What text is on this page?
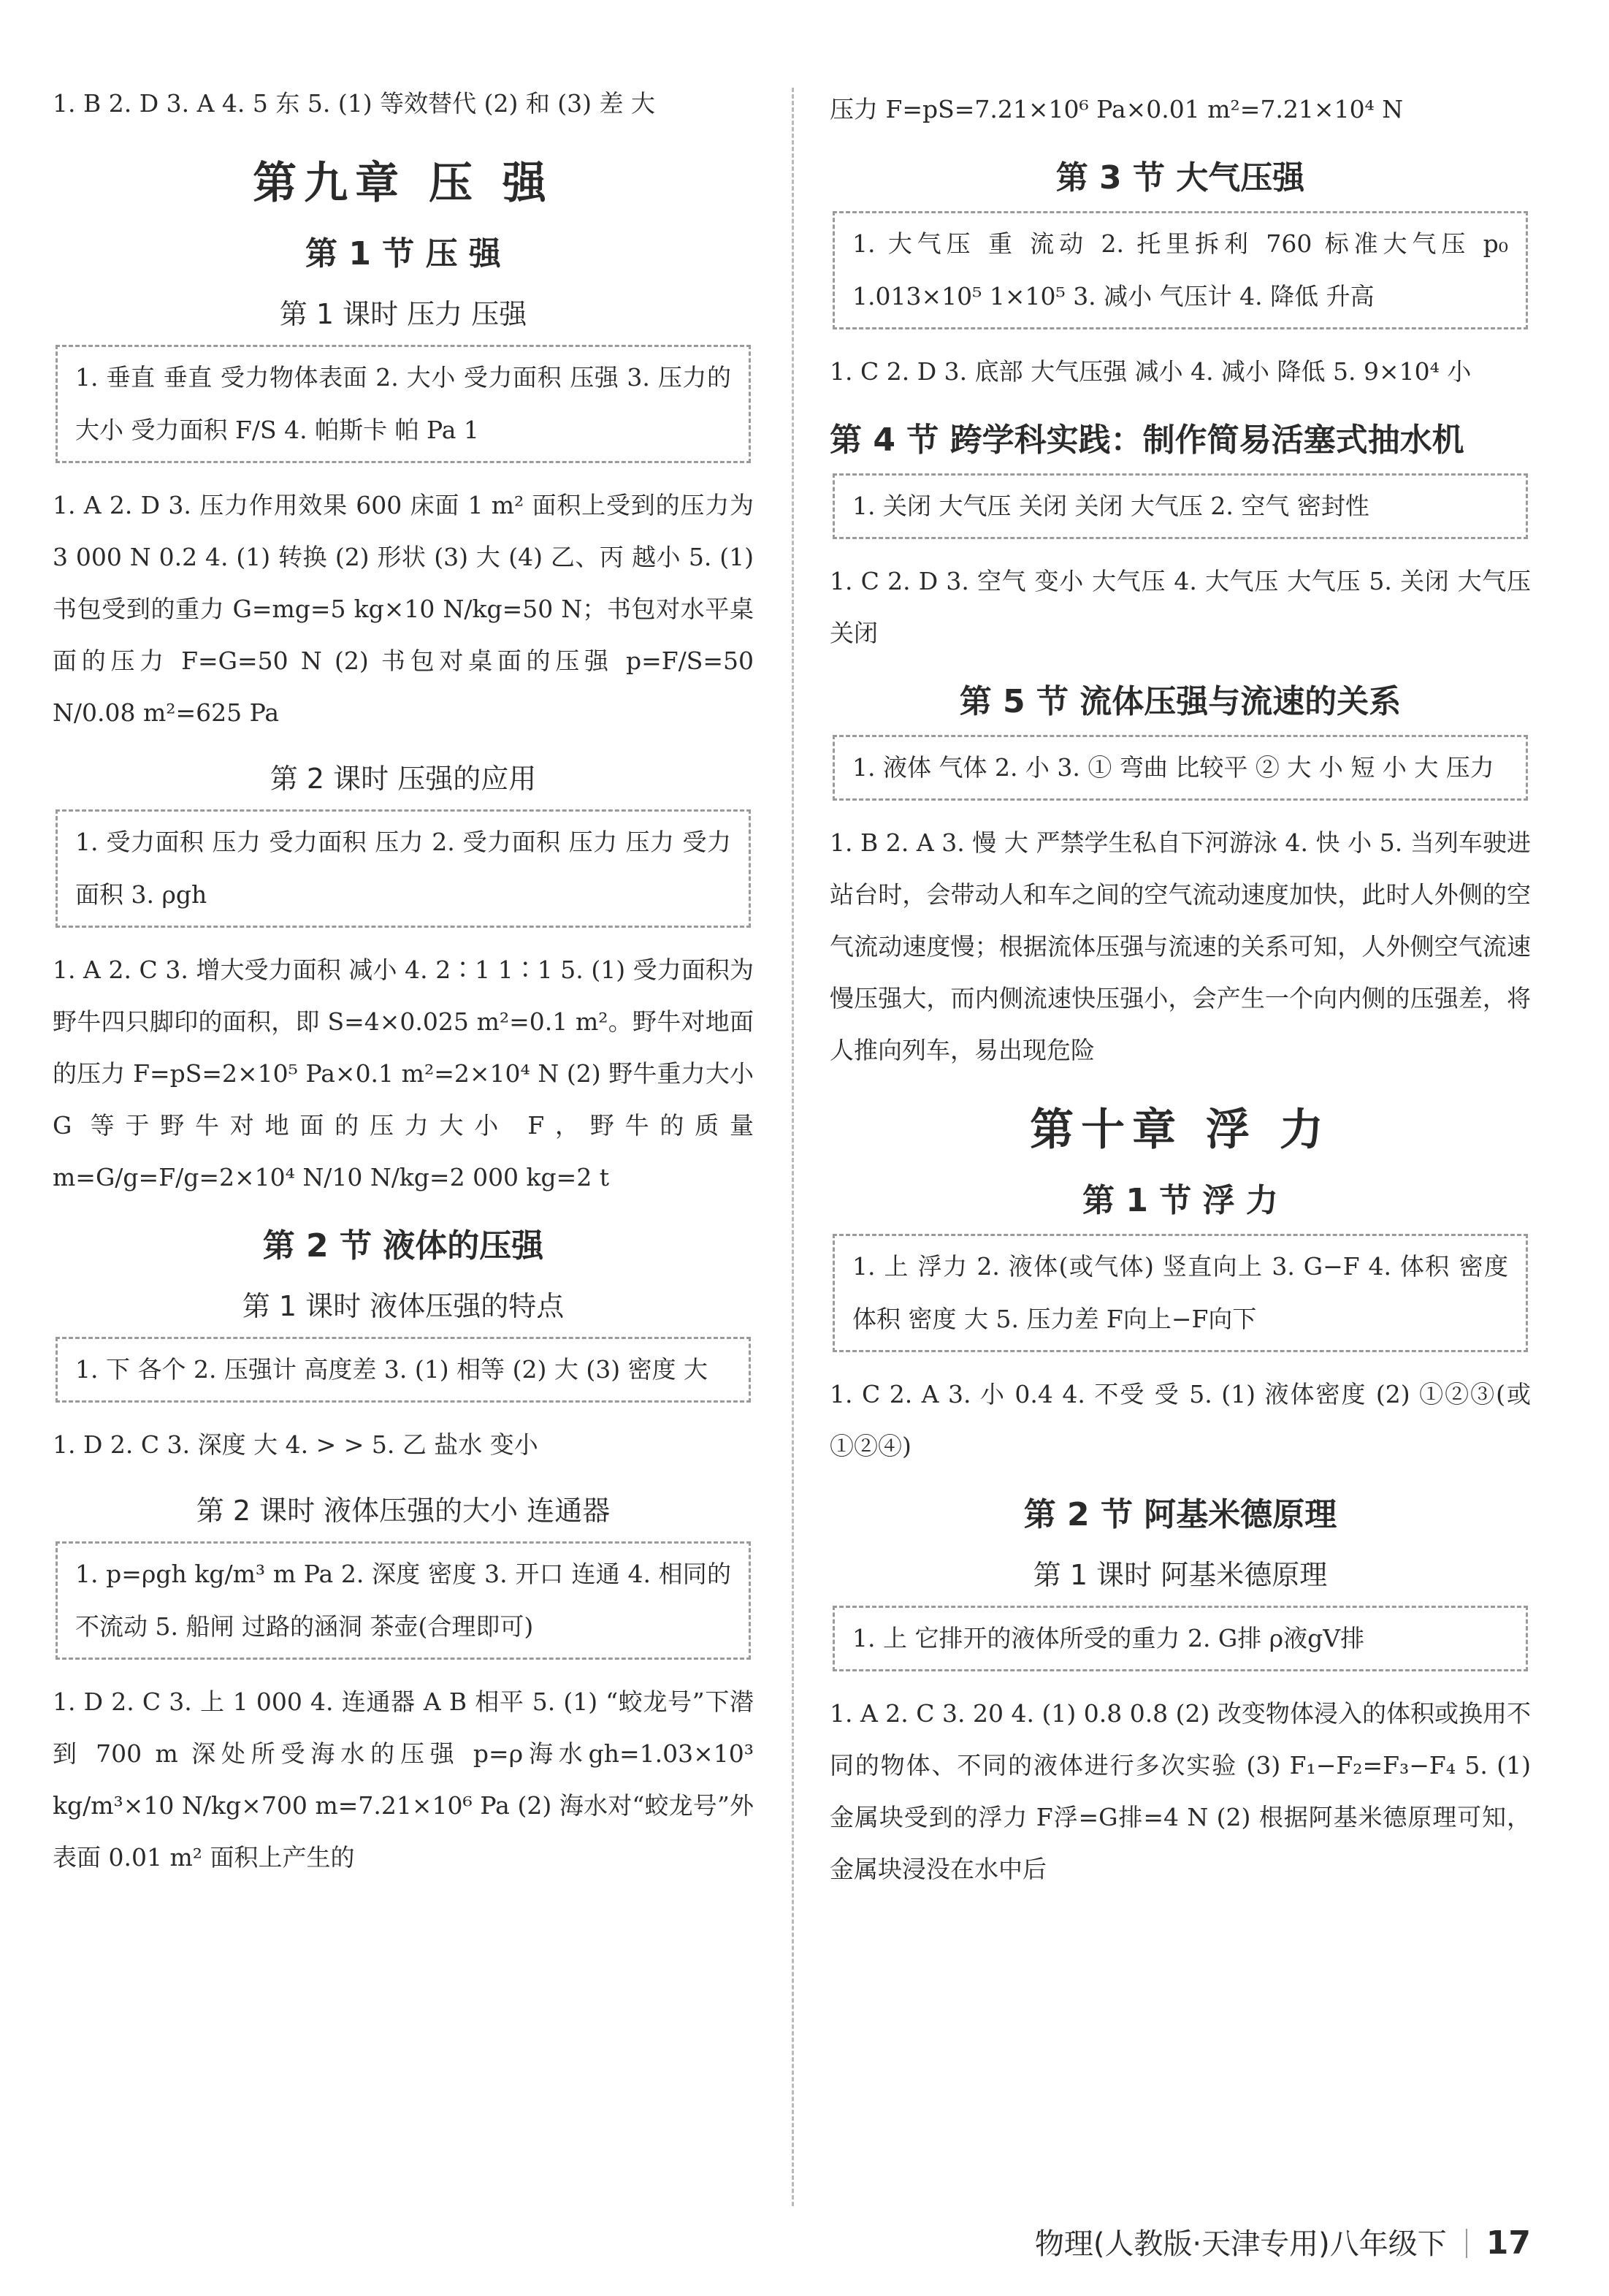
1. B 2. D 3. A 4. 5 东 5. (1) 等效替代 (2) 和 (3) 差 大

第九章 压 强
第 1 节 压 强
第 1 课时 压力 压强

1. 垂直 垂直 受力物体表面 2. 大小 受力面积 压强 3. 压力的大小 受力面积 F/S 4. 帕斯卡 帕 Pa 1

1. A 2. D 3. 压力作用效果 600 床面 1 m² 面积上受到的压力为 3 000 N 0.2 4. (1) 转换 (2) 形状 (3) 大 (4) 乙、丙 越小 5. (1) 书包受到的重力 G=mg=5 kg×10 N/kg=50 N；书包对水平桌面的压力 F=G=50 N (2) 书包对桌面的压强 p=F/S=50 N/0.08 m²=625 Pa

第 2 课时 压强的应用

1. 受力面积 压力 受力面积 压力 2. 受力面积 压力 压力 受力面积 3. ρgh

1. A 2. C 3. 增大受力面积 减小 4. 2∶1 1∶1 5. (1) 受力面积为野牛四只脚印的面积，即 S=4×0.025 m²=0.1 m²。野牛对地面的压力 F=pS=2×10⁵ Pa×0.1 m²=2×10⁴ N (2) 野牛重力大小 G 等于野牛对地面的压力大小 F，野牛的质量 m=G/g=F/g=2×10⁴ N/10 N/kg=2 000 kg=2 t

第 2 节 液体的压强
第 1 课时 液体压强的特点

1. 下 各个 2. 压强计 高度差 3. (1) 相等 (2) 大 (3) 密度 大

1. D 2. C 3. 深度 大 4. > > 5. 乙 盐水 变小

第 2 课时 液体压强的大小 连通器

1. p=ρgh kg/m³ m Pa 2. 深度 密度 3. 开口 连通 4. 相同的 不流动 5. 船闸 过路的涵洞 茶壶(合理即可)

1. D 2. C 3. 上 1 000 4. 连通器 A B 相平 5. (1) “蛟龙号”下潜到 700 m 深处所受海水的压强 p=ρ海水gh=1.03×10³ kg/m³×10 N/kg×700 m=7.21×10⁶ Pa (2) 海水对“蛟龙号”外表面 0.01 m² 面积上产生的

压力 F=pS=7.21×10⁶ Pa×0.01 m²=7.21×10⁴ N

第 3 节 大气压强

1. 大气压 重 流动 2. 托里拆利 760 标准大气压 p₀ 1.013×10⁵ 1×10⁵ 3. 减小 气压计 4. 降低 升高

1. C 2. D 3. 底部 大气压强 减小 4. 减小 降低 5. 9×10⁴ 小

第 4 节 跨学科实践：制作简易活塞式抽水机

1. 关闭 大气压 关闭 关闭 大气压 2. 空气 密封性

1. C 2. D 3. 空气 变小 大气压 4. 大气压 大气压 5. 关闭 大气压 关闭

第 5 节 流体压强与流速的关系

1. 液体 气体 2. 小 3. ① 弯曲 比较平 ② 大 小 短 小 大 压力

1. B 2. A 3. 慢 大 严禁学生私自下河游泳 4. 快 小 5. 当列车驶进站台时，会带动人和车之间的空气流动速度加快，此时人外侧的空气流动速度慢；根据流体压强与流速的关系可知，人外侧空气流速慢压强大，而内侧流速快压强小，会产生一个向内侧的压强差，将人推向列车，易出现危险

第十章 浮 力
第 1 节 浮 力

1. 上 浮力 2. 液体(或气体) 竖直向上 3. G−F 4. 体积 密度 体积 密度 大 5. 压力差 F向上−F向下

1. C 2. A 3. 小 0.4 4. 不受 受 5. (1) 液体密度 (2) ①②③(或①②④)

第 2 节 阿基米德原理
第 1 课时 阿基米德原理

1. 上 它排开的液体所受的重力 2. G排 ρ液gV排

1. A 2. C 3. 20 4. (1) 0.8 0.8 (2) 改变物体浸入的体积或换用不同的物体、不同的液体进行多次实验 (3) F₁−F₂=F₃−F₄ 5. (1) 金属块受到的浮力 F浮=G排=4 N (2) 根据阿基米德原理可知，金属块浸没在水中后

物理(人教版·天津专用)八年级下 17
